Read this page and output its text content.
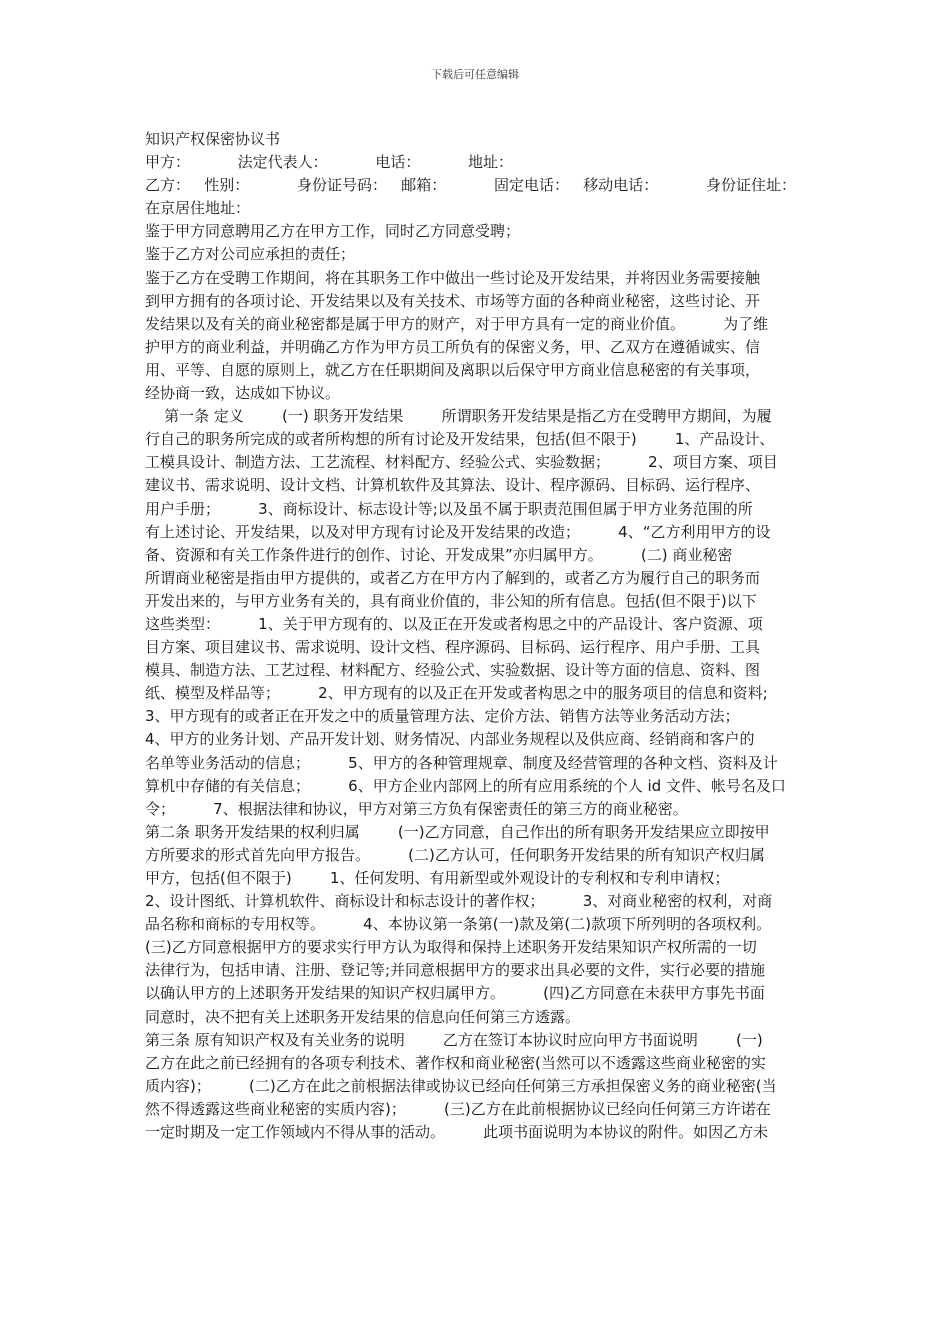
下载后可任意编辑
知识产权保密协议书
甲方：          法定代表人：          电话：          地址：
乙方：   性别：          身份证号码：   邮箱：          固定电话：   移动电话：          身份证住址：
在京居住地址：
鉴于甲方同意聘用乙方在甲方工作，同时乙方同意受聘；
鉴于乙方对公司应承担的责任；
鉴于乙方在受聘工作期间，将在其职务工作中做出一些讨论及开发结果，并将因业务需要接触
到甲方拥有的各项讨论、开发结果以及有关技术、市场等方面的各种商业秘密，这些讨论、开
发结果以及有关的商业秘密都是属于甲方的财产，对于甲方具有一定的商业价值。        为了维
护甲方的商业利益，并明确乙方作为甲方员工所负有的保密义务，甲、乙双方在遵循诚实、信
用、平等、自愿的原则上，就乙方在任职期间及离职以后保守甲方商业信息秘密的有关事项，
经协商一致，达成如下协议。
第一条 定义        (一) 职务开发结果        所谓职务开发结果是指乙方在受聘甲方期间，为履
行自己的职务所完成的或者所构想的所有讨论及开发结果，包括(但不限于)        1、产品设计、
工模具设计、制造方法、工艺流程、材料配方、经验公式、实验数据；        2、项目方案、项目
建议书、需求说明、设计文档、计算机软件及其算法、设计、程序源码、目标码、运行程序、
用户手册；        3、商标设计、标志设计等;以及虽不属于职责范围但属于甲方业务范围的所
有上述讨论、开发结果，以及对甲方现有讨论及开发结果的改造；        4、“乙方利用甲方的设
备、资源和有关工作条件进行的创作、讨论、开发成果”亦归属甲方。        (二) 商业秘密
所谓商业秘密是指由甲方提供的，或者乙方在甲方内了解到的，或者乙方为履行自己的职务而
开发出来的，与甲方业务有关的，具有商业价值的，非公知的所有信息。包括(但不限于)以下
这些类型：        1、关于甲方现有的、以及正在开发或者构思之中的产品设计、客户资源、项
目方案、项目建议书、需求说明、设计文档、程序源码、目标码、运行程序、用户手册、工具
模具、制造方法、工艺过程、材料配方、经验公式、实验数据、设计等方面的信息、资料、图
纸、模型及样品等；        2、甲方现有的以及正在开发或者构思之中的服务项目的信息和资料;
3、甲方现有的或者正在开发之中的质量管理方法、定价方法、销售方法等业务活动方法；
4、甲方的业务计划、产品开发计划、财务情况、内部业务规程以及供应商、经销商和客户的
名单等业务活动的信息；        5、甲方的各种管理规章、制度及经营管理的各种文档、资料及计
算机中存储的有关信息；        6、甲方企业内部网上的所有应用系统的个人 id 文件、帐号名及口
令；        7、根据法律和协议，甲方对第三方负有保密责任的第三方的商业秘密。
第二条 职务开发结果的权利归属        (一)乙方同意，自己作出的所有职务开发结果应立即按甲
方所要求的形式首先向甲方报告。        (二)乙方认可，任何职务开发结果的所有知识产权归属
甲方，包括(但不限于)        1、任何发明、有用新型或外观设计的专利权和专利申请权；
2、设计图纸、计算机软件、商标设计和标志设计的著作权；        3、对商业秘密的权利，对商
品名称和商标的专用权等。        4、本协议第一条第(一)款及第(二)款项下所列明的各项权利。
(三)乙方同意根据甲方的要求实行甲方认为取得和保持上述职务开发结果知识产权所需的一切
法律行为，包括申请、注册、登记等;并同意根据甲方的要求出具必要的文件，实行必要的措施
以确认甲方的上述职务开发结果的知识产权归属甲方。        (四)乙方同意在未获甲方事先书面
同意时，决不把有关上述职务开发结果的信息向任何第三方透露。
第三条 原有知识产权及有关业务的说明        乙方在签订本协议时应向甲方书面说明        (一)
乙方在此之前已经拥有的各项专利技术、著作权和商业秘密(当然可以不透露这些商业秘密的实
质内容)；        (二)乙方在此之前根据法律或协议已经向任何第三方承担保密义务的商业秘密(当
然不得透露这些商业秘密的实质内容)；        (三)乙方在此前根据协议已经向任何第三方许诺在
一定时期及一定工作领域内不得从事的活动。        此项书面说明为本协议的附件。如因乙方未
